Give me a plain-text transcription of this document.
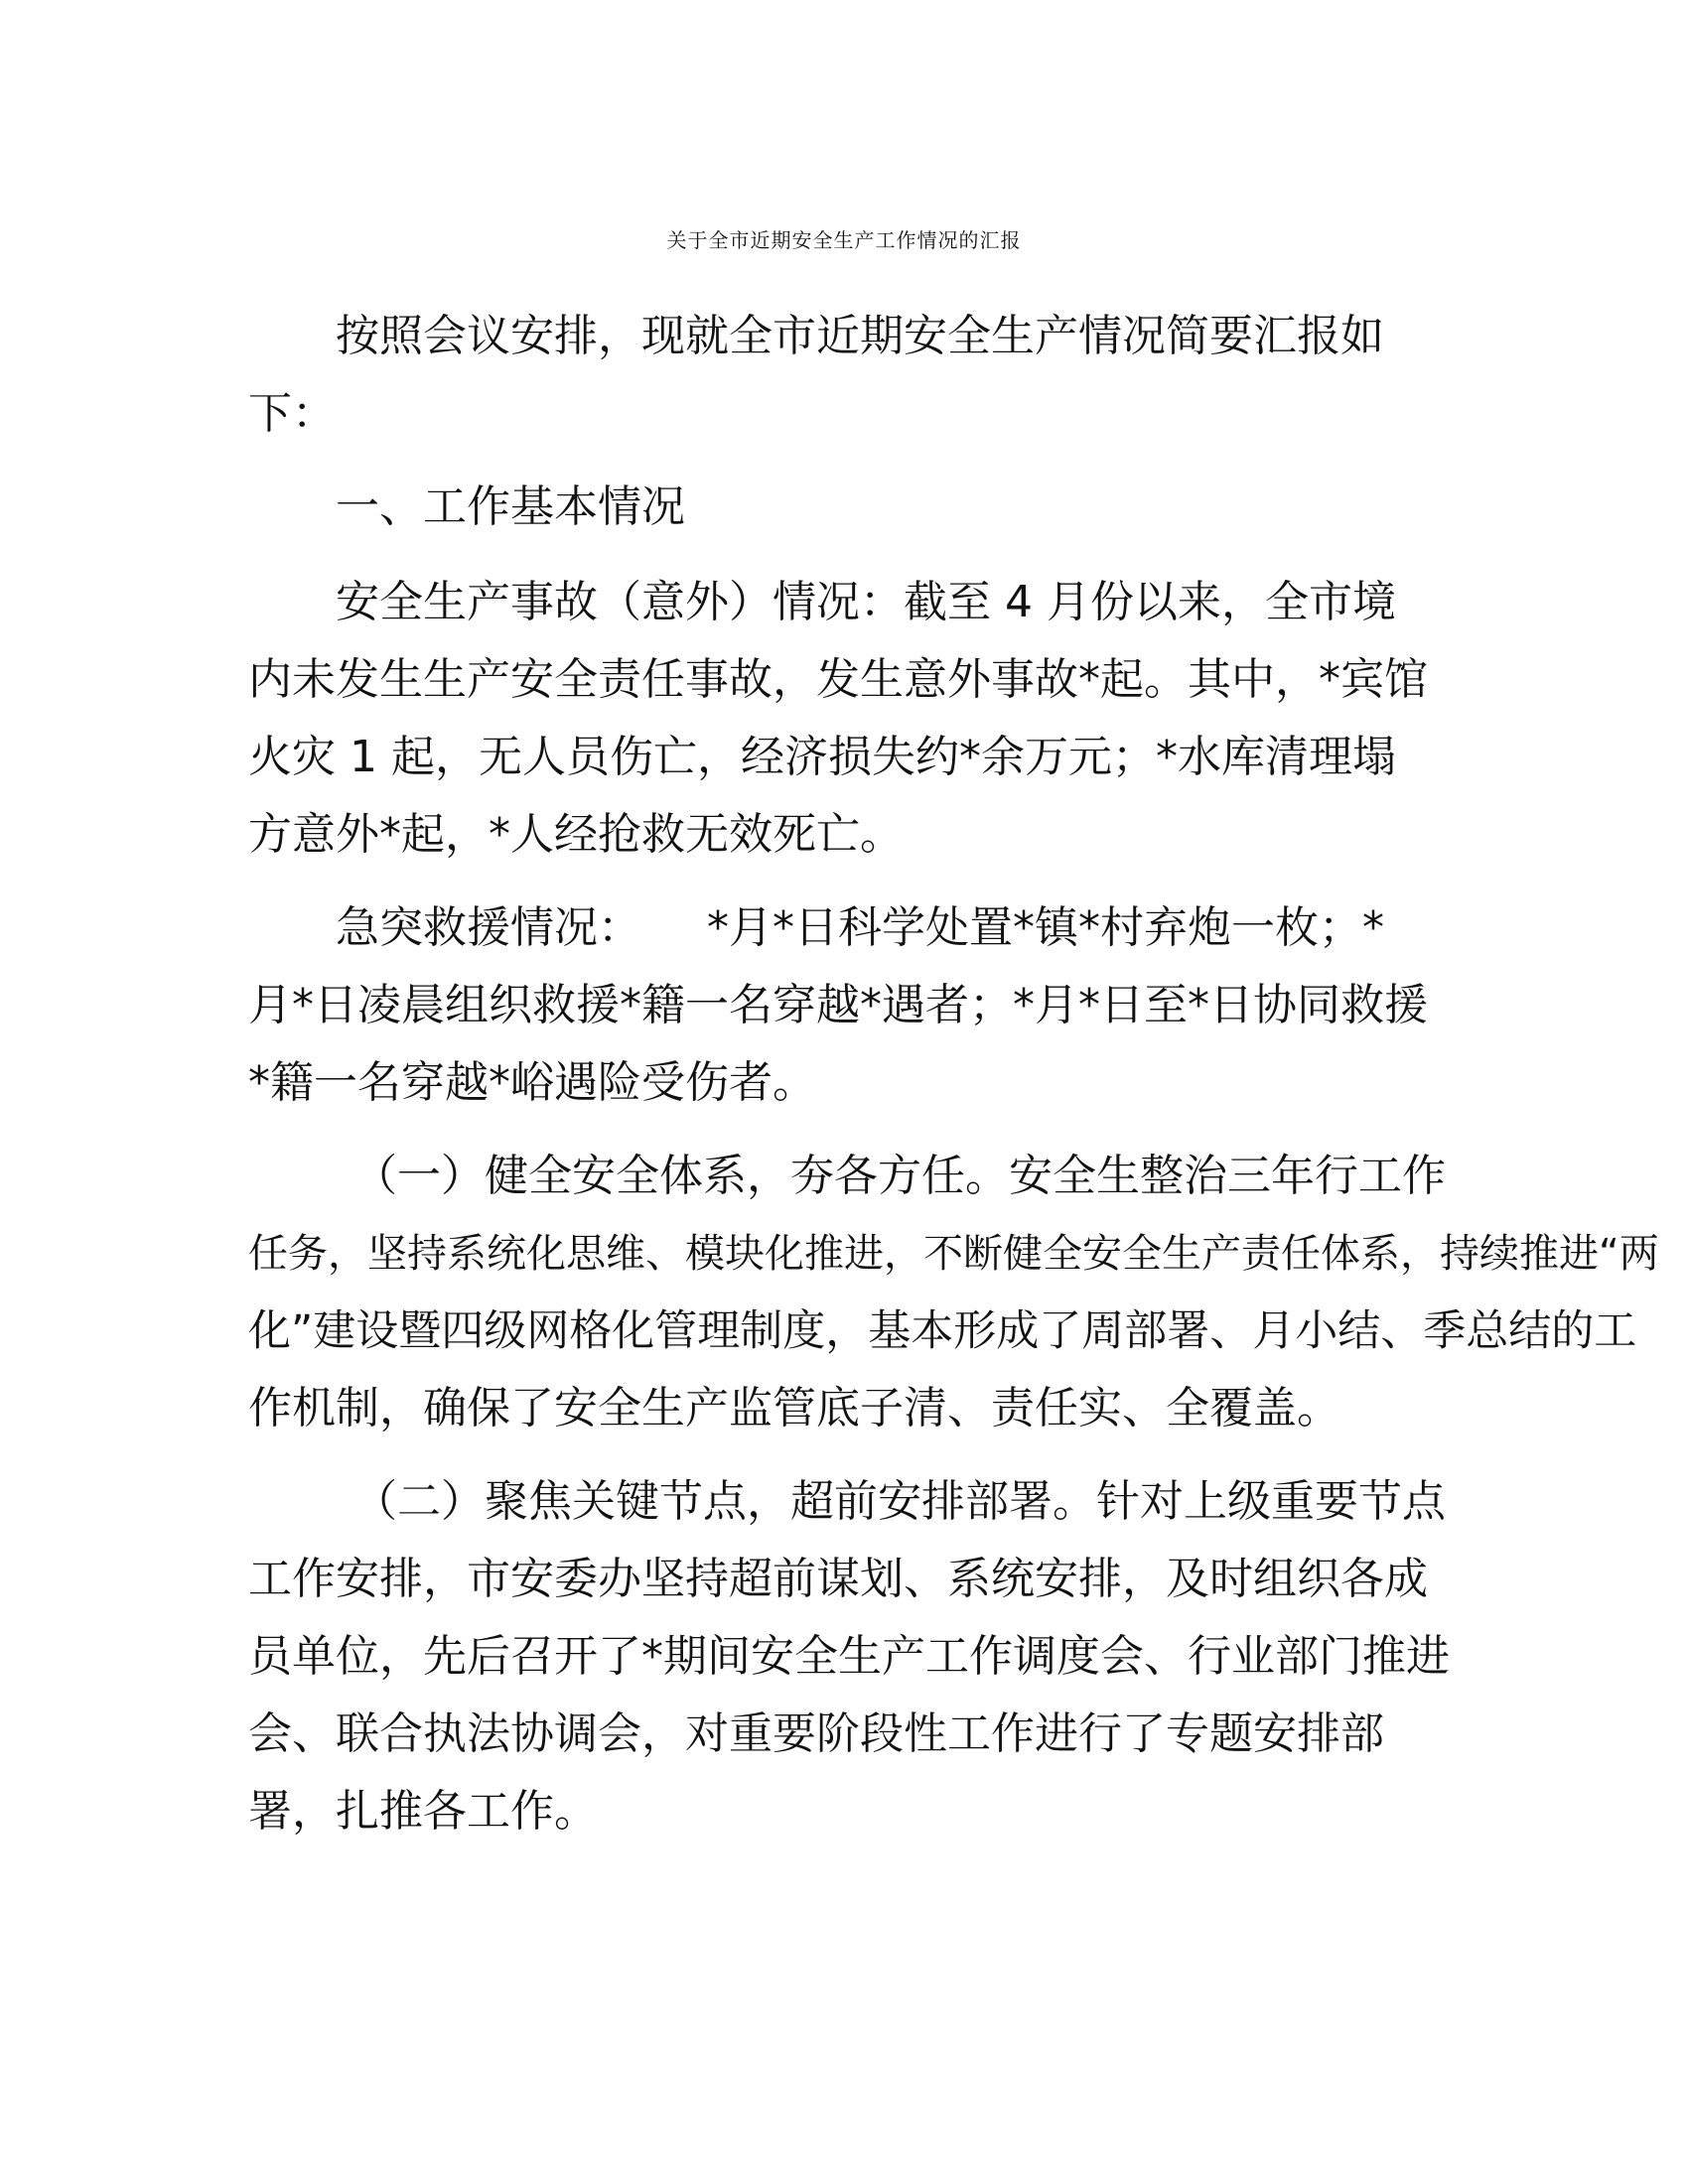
关于全市近期安全生产工作情况的汇报
按照会议安排，现就全市近期安全生产情况简要汇报如
下：
一、工作基本情况
安全生产事故（意外）情况：截至 4 月份以来，全市境
内未发生生产安全责任事故，发生意外事故*起。其中，*宾馆
火灾 1 起，无人员伤亡，经济损失约*余万元；*水库清理塌
方意外*起，*人经抢救无效死亡。
急突救援情况：　　*月*日科学处置*镇*村弃炮一枚；*
月*日凌晨组织救援*籍一名穿越*遇者；*月*日至*日协同救援
*籍一名穿越*峪遇险受伤者。
（一）健全安全体系，夯各方任。安全生整治三年行工作
任务，坚持系统化思维、模块化推进，不断健全安全生产责任体系，持续推进“两
化”建设暨四级网格化管理制度，基本形成了周部署、月小结、季总结的工
作机制，确保了安全生产监管底子清、责任实、全覆盖。
（二）聚焦关键节点，超前安排部署。针对上级重要节点
工作安排，市安委办坚持超前谋划、系统安排，及时组织各成
员单位，先后召开了*期间安全生产工作调度会、行业部门推进
会、联合执法协调会，对重要阶段性工作进行了专题安排部
署，扎推各工作。
